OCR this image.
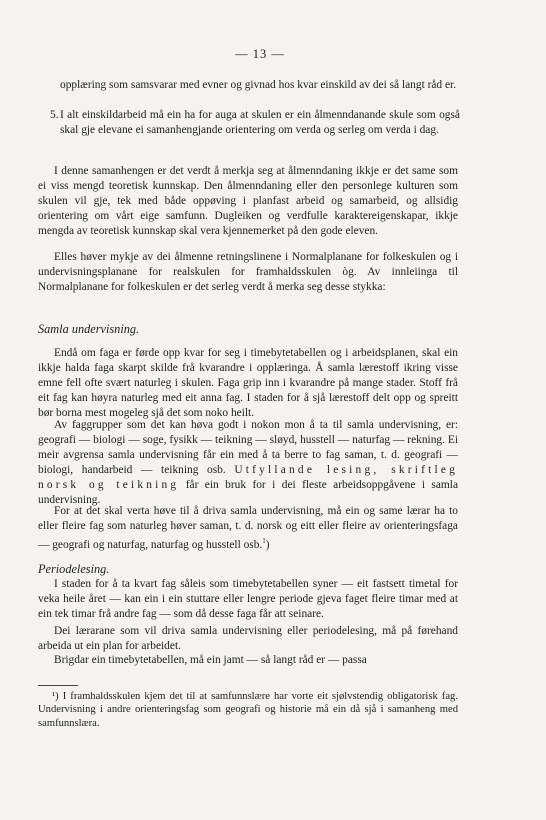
— 13 —

opplæring som samsvarar med evner og givnad hos kvar einskild av dei så langt råd er.

5. I alt einskildarbeid må ein ha for auga at skulen er ein ålmenndanande skule som også skal gje elevane ei samanhengjande orientering om verda og serleg om verda i dag.

I denne samanhengen er det verdt å merkja seg at ålmenndaning ikkje er det same som ei viss mengd teoretisk kunnskap. Den ålmenndaning eller den personlege kulturen som skulen vil gje, tek med både oppøving i planfast arbeid og samarbeid, og allsidig orientering om vårt eige samfunn. Dugleiken og verdfulle karaktereigenskapar, ikkje mengda av teoretisk kunnskap skal vera kjennemerket på den gode eleven.

Elles høver mykje av dei ålmenne retningslinene i Normalplanane for folkeskulen og i undervisningsplanane for realskulen for framhaldsskulen òg. Av innleiinga til Normalplanane for folkeskulen er det serleg verdt å merka seg desse stykka:

Samla undervisning.

Endå om faga er førde opp kvar for seg i timebytetabellen og i arbeidsplanen, skal ein ikkje halda faga skarpt skilde frå kvarandre i opplæringa. Å samla lærestoff ikring visse emne fell ofte svært naturleg i skulen. Faga grip inn i kvarandre på mange stader. Stoff frå eit fag kan høyra naturleg med eit anna fag. I staden for å sjå lærestoff delt opp og spreitt bør borna mest mogeleg sjå det som noko heilt.

Av faggrupper som det kan høva godt i nokon mon å ta til samla undervisning, er: geografi — biologi — soge, fysikk — teikning — sløyd, husstell — naturfag — rekning. Ei meir avgrensa samla undervisning får ein med å ta berre to fag saman, t. d. geografi — biologi, handarbeid — teikning osb. Utfyllande lesing, skriftleg norsk og teikning får ein bruk for i dei fleste arbeidsoppgåvene i samla undervisning.

For at det skal verta høve til å driva samla undervisning, må ein og same lærar ha to eller fleire fag som naturleg høver saman, t. d. norsk og eitt eller fleire av orienteringsfaga — geografi og naturfag, naturfag og husstell osb.$^1$)

Periodelesing.

I staden for å ta kvart fag såleis som timebytetabellen syner — eit fastsett timetal for veka heile året — kan ein i ein stuttare eller lengre periode gjeva faget fleire timar med at ein tek timar frå andre fag — som då desse faga får att seinare.

Dei lærarane som vil driva samla undervisning eller periodelesing, må på førehand arbeida ut ein plan for arbeidet.

Brigdar ein timebytetabellen, må ein jamt — så langt råd er — passa

¹) I framhaldsskulen kjem det til at samfunnslære har vorte eit sjølvstendig obligatorisk fag. Undervisning i andre orienteringsfag som geografi og historie må ein då sjå i samanheng med samfunnslæra.
